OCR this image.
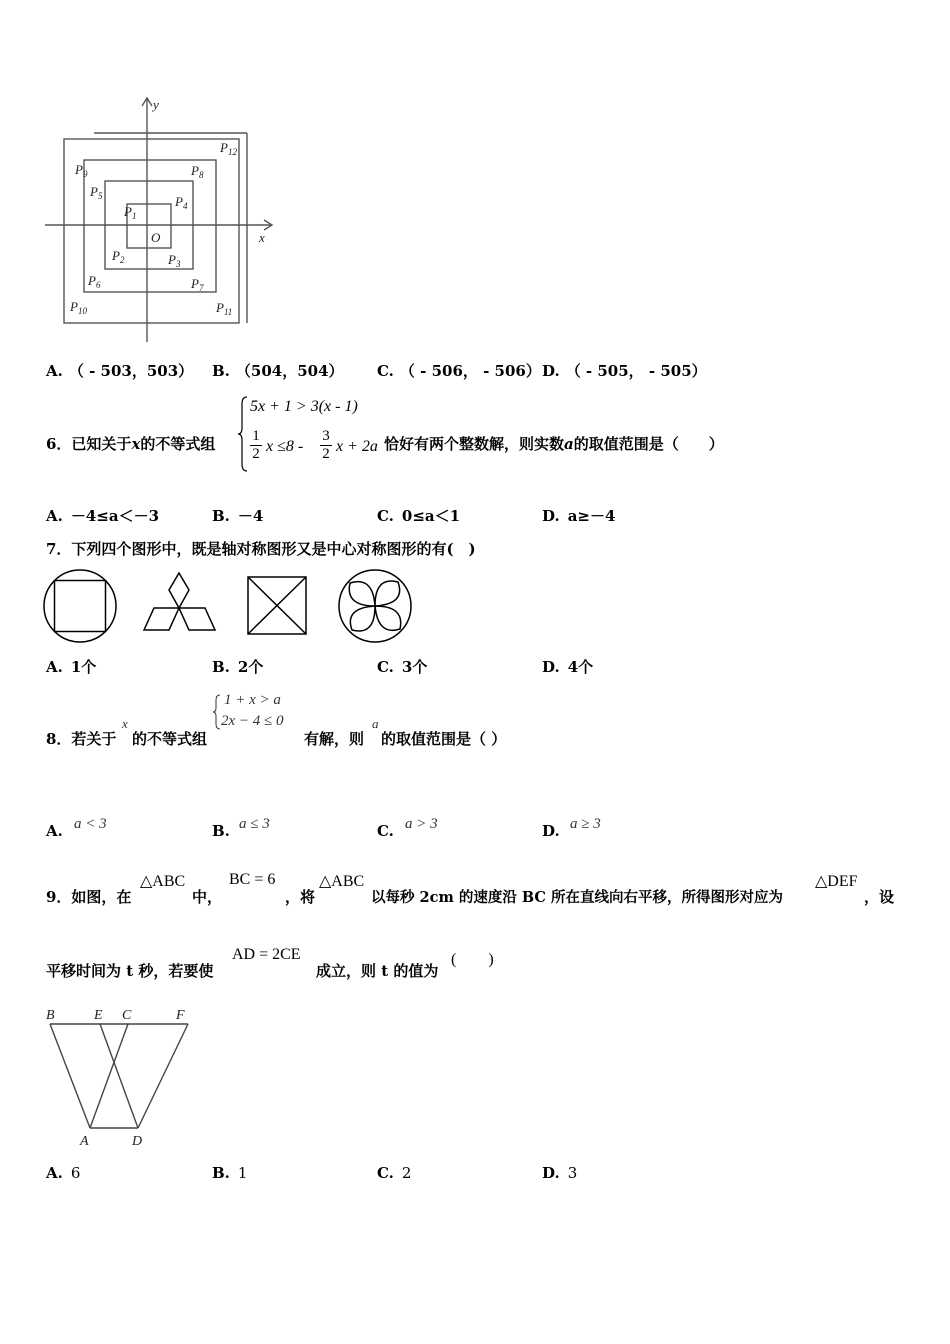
y
x
O
$P_1$
$P_2$	$P_3$
$P_4$
$P_5$
$P_6$	$P_7$
$P_8$
$P_9$
$P_{10}$	$P_{11}$
$P_{12}$
A. （ - 503，503） B. （504，504） C. （ - 506， - 506） D. （ - 505， - 505）
6．已知关于x的不等式组
5x + 1 > 3(x - 1)
1
2 x ≤8 -
3
2 x + 2a 恰好有两个整数解，则实数a的取值范围是（　　）
A. －4≤a＜－3	B. －4	C. 0≤a＜1	D. a≥－4
7．下列四个图形中，既是轴对称图形又是中心对称图形的有(　)
A. 1个	B. 2个	C. 3个	D. 4个
8．若关于
x
的不等式组
1 + x > a
2x − 4 ≤ 0
有解，则
a
的取值范围是（ ）
A. a < 3	B. a ≤ 3	C. a > 3	D. a ≥ 3
9．如图，在
△ABC
中，
BC = 6
，将
△ABC
以每秒 2cm 的速度沿 BC 所在直线向右平移，所得图形对应为
△DEF
，设
平移时间为 t 秒，若要使
AD = 2CE
成立，则 t 的值为
(　　)
B	E C	F
A	D
A. 6	B. 1	C. 2	D. 3
